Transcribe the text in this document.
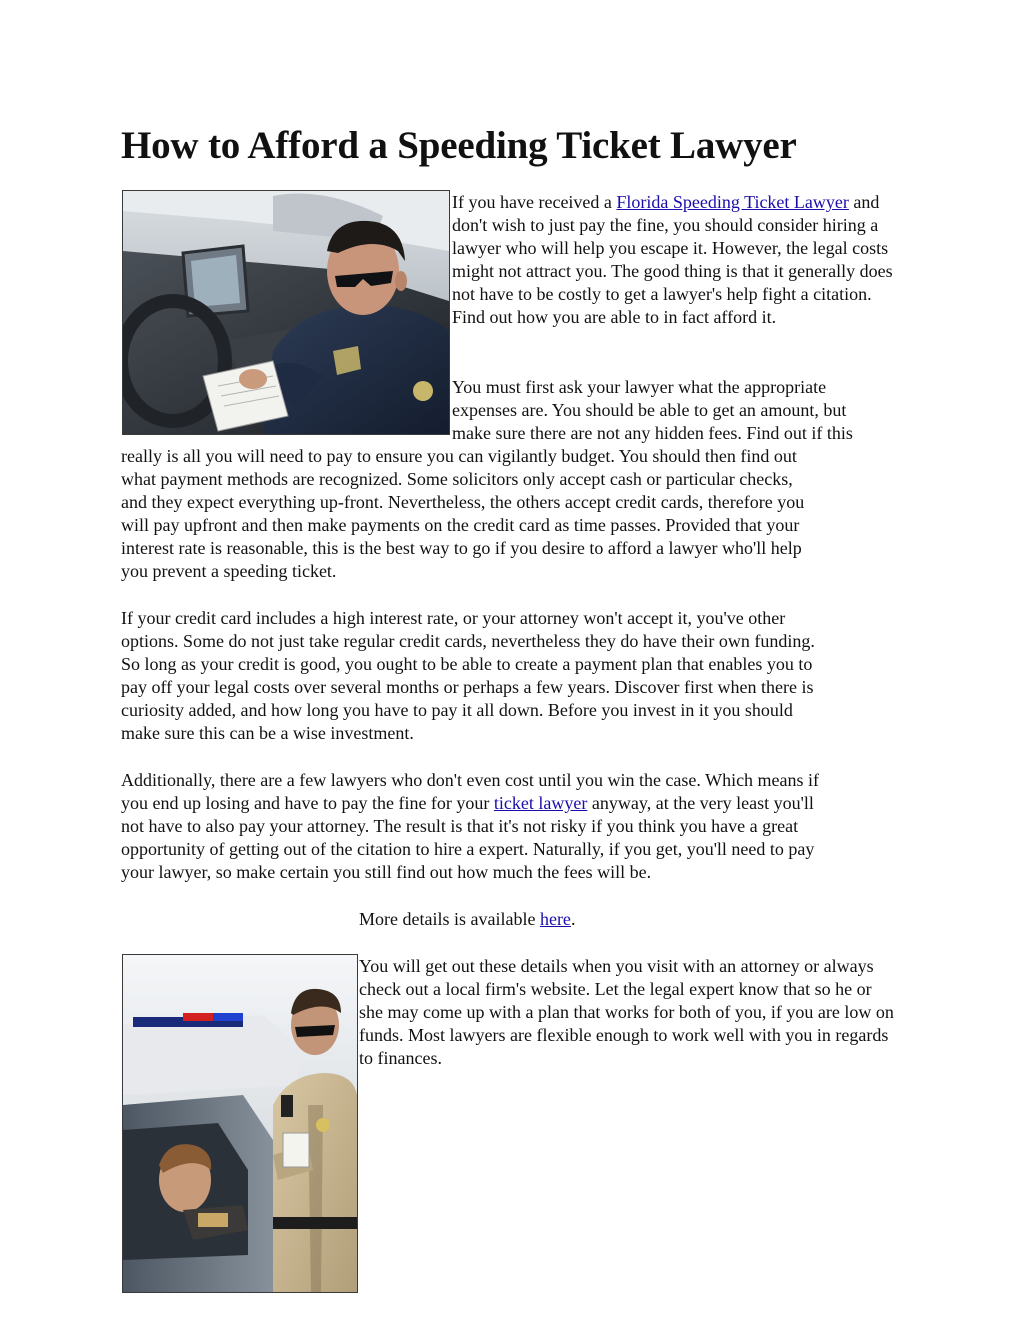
How to Afford a Speeding Ticket Lawyer

If you have received a Florida Speeding Ticket Lawyer and don't wish to just pay the fine, you should consider hiring a lawyer who will help you escape it. However, the legal costs might not attract you. The good thing is that it generally does not have to be costly to get a lawyer's help fight a citation. Find out how you are able to in fact afford it.

You must first ask your lawyer what the appropriate
expenses are. You should be able to get an amount, but
make sure there are not any hidden fees. Find out if this
really is all you will need to pay to ensure you can vigilantly budget. You should then find out
what payment methods are recognized. Some solicitors only accept cash or particular checks,
and they expect everything up-front. Nevertheless, the others accept credit cards, therefore you
will pay upfront and then make payments on the credit card as time passes. Provided that your
interest rate is reasonable, this is the best way to go if you desire to afford a lawyer who'll help
you prevent a speeding ticket.
If your credit card includes a high interest rate, or your attorney won't accept it, you've other
options. Some do not just take regular credit cards, nevertheless they do have their own funding.
So long as your credit is good, you ought to be able to create a payment plan that enables you to
pay off your legal costs over several months or perhaps a few years. Discover first when there is
curiosity added, and how long you have to pay it all down. Before you invest in it you should
make sure this can be a wise investment.
Additionally, there are a few lawyers who don't even cost until you win the case. Which means if
you end up losing and have to pay the fine for your ticket lawyer anyway, at the very least you'll
not have to also pay your attorney. The result is that it's not risky if you think you have a great
opportunity of getting out of the citation to hire a expert. Naturally, if you get, you'll need to pay
your lawyer, so make certain you still find out how much the fees will be.

More details is available here.

You will get out these details when you visit with an attorney or always check out a local firm's website. Let the legal expert know that so he or she may come up with a plan that works for both of you, if you are low on funds. Most lawyers are flexible enough to work well with you in regards to finances.
